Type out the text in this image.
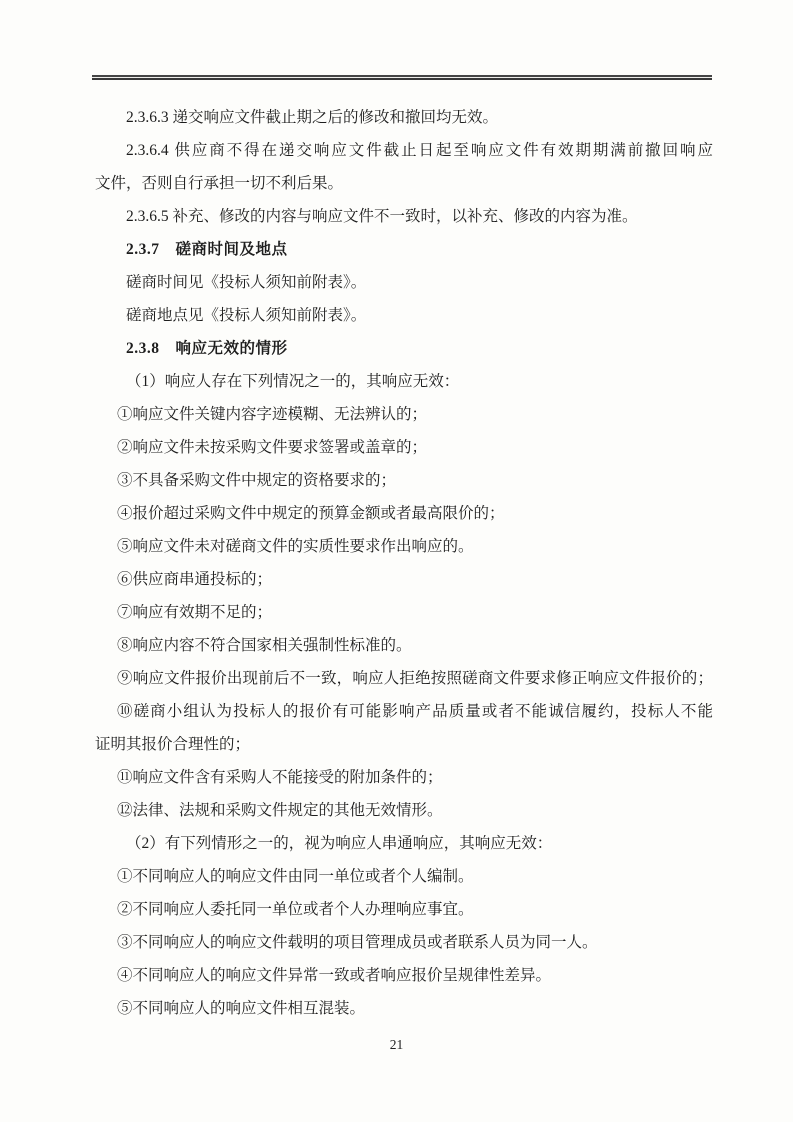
2.3.6.3 递交响应文件截止期之后的修改和撤回均无效。
2.3.6.4 供应商不得在递交响应文件截止日起至响应文件有效期期满前撤回响应
文件，否则自行承担一切不利后果。
2.3.6.5 补充、修改的内容与响应文件不一致时，以补充、修改的内容为准。
2.3.7　磋商时间及地点
磋商时间见《投标人须知前附表》。
磋商地点见《投标人须知前附表》。
2.3.8　响应无效的情形
（1）响应人存在下列情况之一的，其响应无效：
①响应文件关键内容字迹模糊、无法辨认的；
②响应文件未按采购文件要求签署或盖章的；
③不具备采购文件中规定的资格要求的；
④报价超过采购文件中规定的预算金额或者最高限价的；
⑤响应文件未对磋商文件的实质性要求作出响应的。
⑥供应商串通投标的；
⑦响应有效期不足的；
⑧响应内容不符合国家相关强制性标准的。
⑨响应文件报价出现前后不一致，响应人拒绝按照磋商文件要求修正响应文件报价的；
⑩磋商小组认为投标人的报价有可能影响产品质量或者不能诚信履约，投标人不能
证明其报价合理性的；
⑪响应文件含有采购人不能接受的附加条件的；
⑫法律、法规和采购文件规定的其他无效情形。
（2）有下列情形之一的，视为响应人串通响应，其响应无效：
①不同响应人的响应文件由同一单位或者个人编制。
②不同响应人委托同一单位或者个人办理响应事宜。
③不同响应人的响应文件载明的项目管理成员或者联系人员为同一人。
④不同响应人的响应文件异常一致或者响应报价呈规律性差异。
⑤不同响应人的响应文件相互混装。
21
